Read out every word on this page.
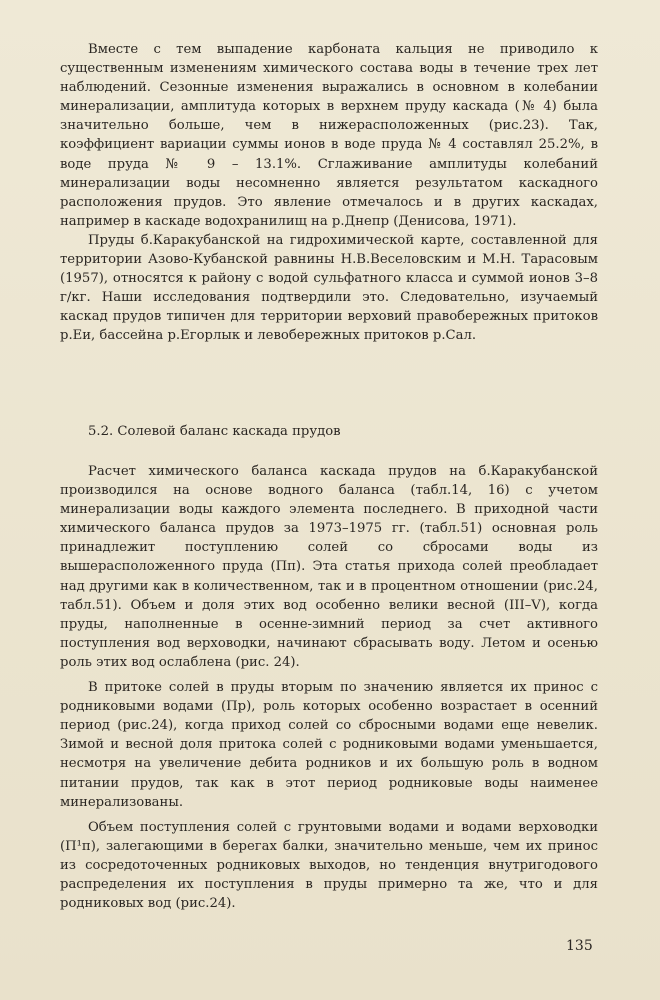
Вместе с тем выпадение карбоната кальция не приводило к существенным изменениям химического состава воды в течение трех лет наблюдений. Сезонные изменения выражались в основном в колебании минерализации, амплитуда которых в верхнем пруду каскада (№ 4) была значительно больше, чем в нижерасположенных (рис.23). Так, коэффициент вариации суммы ионов в воде пруда № 4 составлял 25.2%, в воде пруда № 9 – 13.1%. Сглаживание амплитуды колебаний минерализации воды несомненно является результатом каскадного расположения прудов. Это явление отмечалось и в других каскадах, например в каскаде водохранилищ на р.Днепр (Денисова, 1971).

Пруды б.Каракубанской на гидрохимической карте, составленной для территории Азово-Кубанской равнины Н.В.Веселовским и М.Н. Тарасовым (1957), относятся к району с водой сульфатного класса и суммой ионов 3–8 г/кг. Наши исследования подтвердили это. Следовательно, изучаемый каскад прудов типичен для территории верховий правобережных притоков р.Еи, бассейна р.Егорлык и левобережных притоков р.Сал.

5.2. Солевой баланс каскада прудов

Расчет химического баланса каскада прудов на б.Каракубанской производился на основе водного баланса (табл.14, 16) с учетом минерализации воды каждого элемента последнего. В приходной части химического баланса прудов за 1973–1975 гг. (табл.51) основная роль принадлежит поступлению солей со сбросами воды из вышерасположенного пруда (Пп). Эта статья прихода солей преобладает над другими как в количественном, так и в процентном отношении (рис.24, табл.51). Объем и доля этих вод особенно велики весной (III–V), когда пруды, наполненные в осенне-зимний период за счет активного поступления вод верховодки, начинают сбрасывать воду. Летом и осенью роль этих вод ослаблена (рис. 24).

В притоке солей в пруды вторым по значению является их принос с родниковыми водами (Пр), роль которых особенно возрастает в осенний период (рис.24), когда приход солей со сбросными водами еще невелик. Зимой и весной доля притока солей с родниковыми водами уменьшается, несмотря на увеличение дебита родников и их большую роль в водном питании прудов, так как в этот период родниковые воды наименее минерализованы.

Объем поступления солей с грунтовыми водами и водами верховодки (П¹п), залегающими в берегах балки, значительно меньше, чем их принос из сосредоточенных родниковых выходов, но тенденция внутригодового распределения их поступления в пруды примерно та же, что и для родниковых вод (рис.24).

135
